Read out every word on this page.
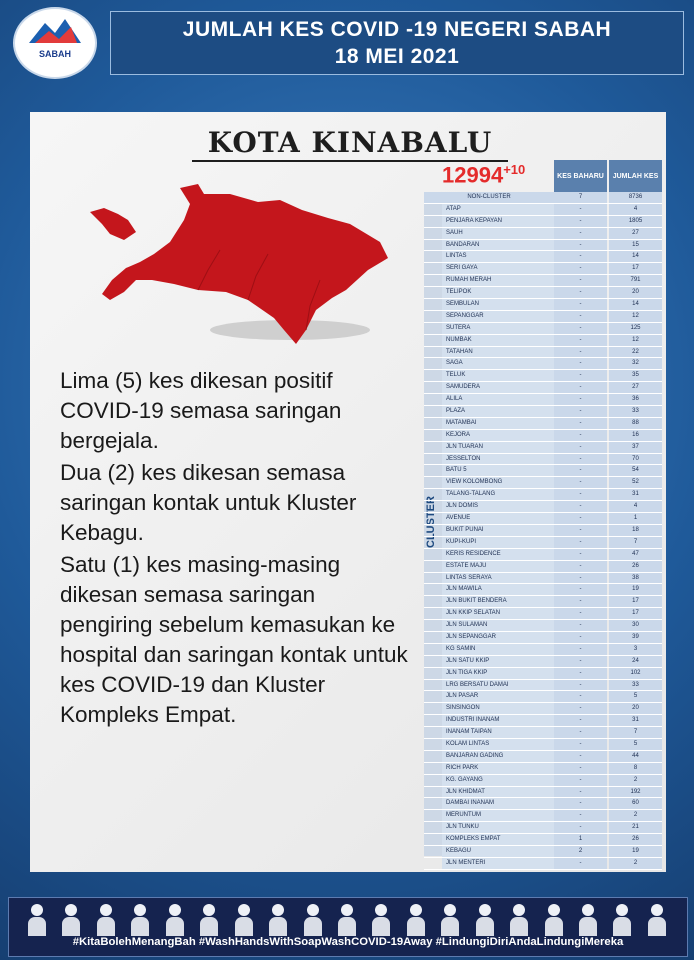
SABAH
JUMLAH KES COVID -19 NEGERI SABAH
18 MEI 2021
KOTA KINABALU
$12994^{+10}$

Lima (5) kes dikesan positif COVID-19 semasa saringan bergejala.

Dua (2) kes dikesan semasa saringan kontak untuk Kluster Kebagu.

Satu (1) kes masing-masing dikesan semasa saringan pengiring sebelum kemasukan ke hospital dan saringan kontak untuk kes COVID-19 dan Kluster Kompleks Empat.

KES BAHARU	JUMLAH KES
CLUSTER
NON-CLUSTER	7	8736
ATAP	-	4
PENJARA KEPAYAN	-	1805
SAUH	-	27
BANDARAN	-	15
LINTAS	-	14
SERI GAYA	-	17
RUMAH MERAH	-	791
TELIPOK	-	20
SEMBULAN	-	14
SEPANGGAR	-	12
SUTERA	-	125
NUMBAK	-	12
TATAHAN	-	22
SAGA	-	32
TELUK	-	35
SAMUDERA	-	27
ALILA	-	36
PLAZA	-	33
MATAMBAI	-	88
KEJORA	-	16
JLN TUARAN	-	37
JESSELTON	-	70
BATU 5	-	54
VIEW KOLOMBONG	-	52
TALANG-TALANG	-	31
JLN DOMIS	-	4
AVENUE	-	1
BUKIT PUNAI	-	18
KUPI-KUPI	-	7
KERIS RESIDENCE	-	47
ESTATE MAJU	-	26
LINTAS SERAYA	-	38
JLN MAWILA	-	19
JLN BUKIT BENDERA	-	17
JLN KKIP SELATAN	-	17
JLN SULAMAN	-	30
JLN SEPANGGAR	-	39
KG SAMIN	-	3
JLN SATU KKIP	-	24
JLN TIGA KKIP	-	102
LRG BERSATU DAMAI	-	33
JLN PASAR	-	5
SINSINGON	-	20
INDUSTRI INANAM	-	31
INANAM TAIPAN	-	7
KOLAM LINTAS	-	5
BANJARAN GADING	-	44
RICH PARK	-	8
KG. GAYANG	-	2
JLN KHIDMAT	-	192
DAMBAI INANAM	-	60
MERUNTUM	-	2
JLN TUNKU	-	21
KOMPLEKS EMPAT	1	26
KEBAGU	2	19
JLN MENTERI	-	2
#KitaBolehMenangBah #WashHandsWithSoapWashCOVID-19Away #LindungiDiriAndaLindungiMereka
